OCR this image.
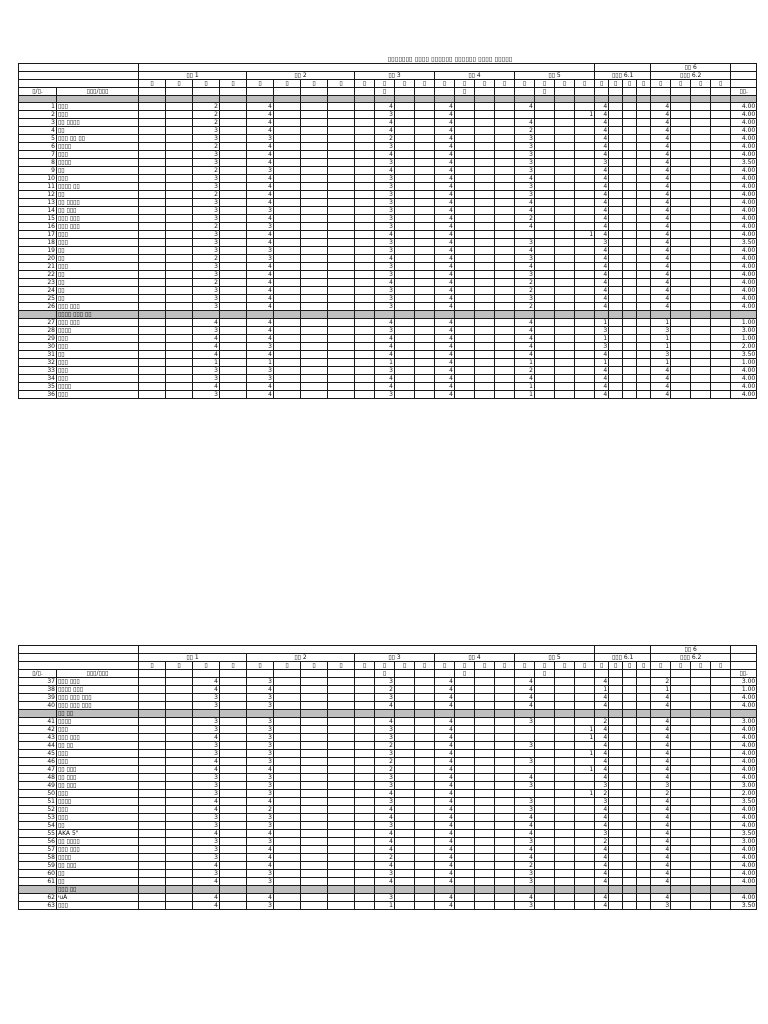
▯▯▯▯▯▯▯ ▯▯▯▯ ▯▯▯▯▯▯ ▯▯▯▯▯▯ ▯▯▯▯ ▯▯▯▯▯
																										▯▯ 6				
		▯▯ 1				▯▯ 2				▯▯ 3				▯▯ 4				▯▯ 5				▯▯▯ 6.1				▯▯▯ 6.2				
		▯	▯	▯	▯	▯	▯	▯	▯	▯	▯	▯	▯	▯	▯	▯	▯	▯	▯	▯	▯	▯	▯	▯	▯	▯	▯	▯	▯	
▯/▯.	▯▯▯/▯▯▯										▯				▯				▯											▯▯.

1	▯▯▯			2		4					4			4				4				4				4				4.00
2	▯▯▯			2		4					3			4							1	4				4				4.00
3	▯▯ ▯▯▯▯			2		4					4			4				4				4				4				4.00
4	▯▯			3		4					4			4				2				4				4				4.00
5	▯▯▯ ▯▯ ▯▯			3		3					2			4				3				4				4				4.00
6	▯▯▯▯			2		4					3			4				3				4				4				4.00
7	▯▯▯			3		4					4			4				3				4				4				4.00
8	▯▯▯▯			3		4					3			4				3				3				4				3.50
9	▯▯			2		3					4			4				3				4				4				4.00
10	▯▯▯			3		4					3			4				4				4				4				4.00
11	▯▯▯▯ ▯▯			3		4					3			4				3				4				4				4.00
12	▯▯			2		4					3			4				3				4				4				4.00
13	▯▯ ▯▯▯▯			3		4					3			4				4				4				4				4.00
14	▯▯ ▯▯▯			3		3					3			4				4				4				4				4.00
15	▯▯▯ ▯▯▯			3		4					3			4				2				4				4				4.00
16	▯▯▯ ▯▯▯			2		3					3			4				4				4				4				4.00
17	▯▯▯			3		4					4			4							1	4				4				4.00
18	▯▯▯			3		4					3			4				3				3				4				3.50
19	▯▯			3		3					3			4				4				4				4				4.00
20	▯▯			2		3					4			4				3				4				4				4.00
21	▯▯▯			3		4					3			4				4				4				4				4.00
22	▯▯			3		4					3			4				3				4				4				4.00
23	▯▯			2		4					4			4				2				4				4				4.00
24	▯▯			3		4					3			4				2				4				4				4.00
25	▯▯			3		4					3			4				3				4				4				4.00
26	▯▯▯ ▯▯▯			3		4					3			4				2				4				4				4.00
	▯▯▯▯ ▯▯▯ ▯▯																													
27	▯▯▯ ▯▯▯			4		4					4			4				4				1				1				1.00
28	▯▯▯▯			3		4					3			4				4				3				3				3.00
29	▯▯▯			4		4					4			4				4				1				1				1.00
30	▯▯▯			4		3					4			4				4				3				1				2.00
31	▯▯			4		4					4			4				4				4				3				3.50
32	▯▯▯			1		1					1			4				1				1				1				1.00
33	▯▯▯			3		3					3			4				2				4				4				4.00
34	▯▯▯			3		3					4			4				4				4				4				4.00
35	▯▯▯▯			4		4					4			4				1				4				4				4.00
36	▯▯▯			3		4					3			4				1				4				4				4.00
																										▯▯ 6				
		▯▯ 1				▯▯ 2				▯▯ 3				▯▯ 4				▯▯ 5				▯▯▯ 6.1				▯▯▯ 6.2				
		▯	▯	▯	▯	▯	▯	▯	▯	▯	▯	▯	▯	▯	▯	▯	▯	▯	▯	▯	▯	▯	▯	▯	▯	▯	▯	▯	▯	
▯/▯.	▯▯▯/▯▯▯										▯				▯				▯											▯▯.
37	▯▯▯ ▯▯▯			4		3					3			4				4				4				2				3.00
38	▯▯▯▯ ▯▯▯			4		4					2			4				4				1				1				1.00
39	▯▯▯ ▯▯▯ ▯▯▯			3		3					3			4				4				4				4				4.00
40	▯▯▯ ▯▯▯ ▯▯▯			3		3					4			4				4				4				4				4.00
	▯▯ ▯▯																													
41	▯▯▯▯			3		3					4			4				3				2				4				3.00
42	▯▯▯			3		3					3			4							1	4				4				4.00
43	▯▯▯ ▯▯▯			4		3					3			4							1	4				4				4.00
44	▯▯ ▯▯			3		3					2			4				3				4				4				4.00
45	▯▯▯			3		3					3			4							1	4				4				4.00
46	▯▯▯			4		3					2			4				3				4				4				4.00
47	▯▯ ▯▯▯			4		4					2			4							1	4				4				4.00
48	▯▯ ▯▯▯			3		3					3			4				4				4				4				4.00
49	▯▯ ▯▯▯			3		3					3			4				3				3				3				3.00
50	▯▯▯			3		3					4			4							1	2				2				2.00
51	▯▯▯▯			4		4					3			4				3				3				4				3.50
52	▯▯▯			4		2					4			4				3				4				4				4.00
53	▯▯▯			3		3					4			4				4				4				4				4.00
54	▯▯			3		3					3			4				4				4				4				4.00
55	ÄKA 5"			4		4					4			4				4				3				4				3.50
56	▯▯ ▯▯▯▯			3		3					4			4				3				2				4				3.00
57	▯▯▯ ▯▯▯			3		4					4			4				4				4				4				4.00
58	▯▯▯▯			3		4					2			4				4				4				4				4.00
59	▯▯ ▯▯▯			4		4					4			4				2				4				4				4.00
60	▯▯			3		3					3			4				3				4				4				4.00
61	▯▯			4		3					4			4				3				4				4				4.00
	▯▯▯ ▯▯																													
62	יuÄ			4		4					3			4				4				4				4				4.00
63	▯▯▯			4		3					1			4				3				4				3				3.50
